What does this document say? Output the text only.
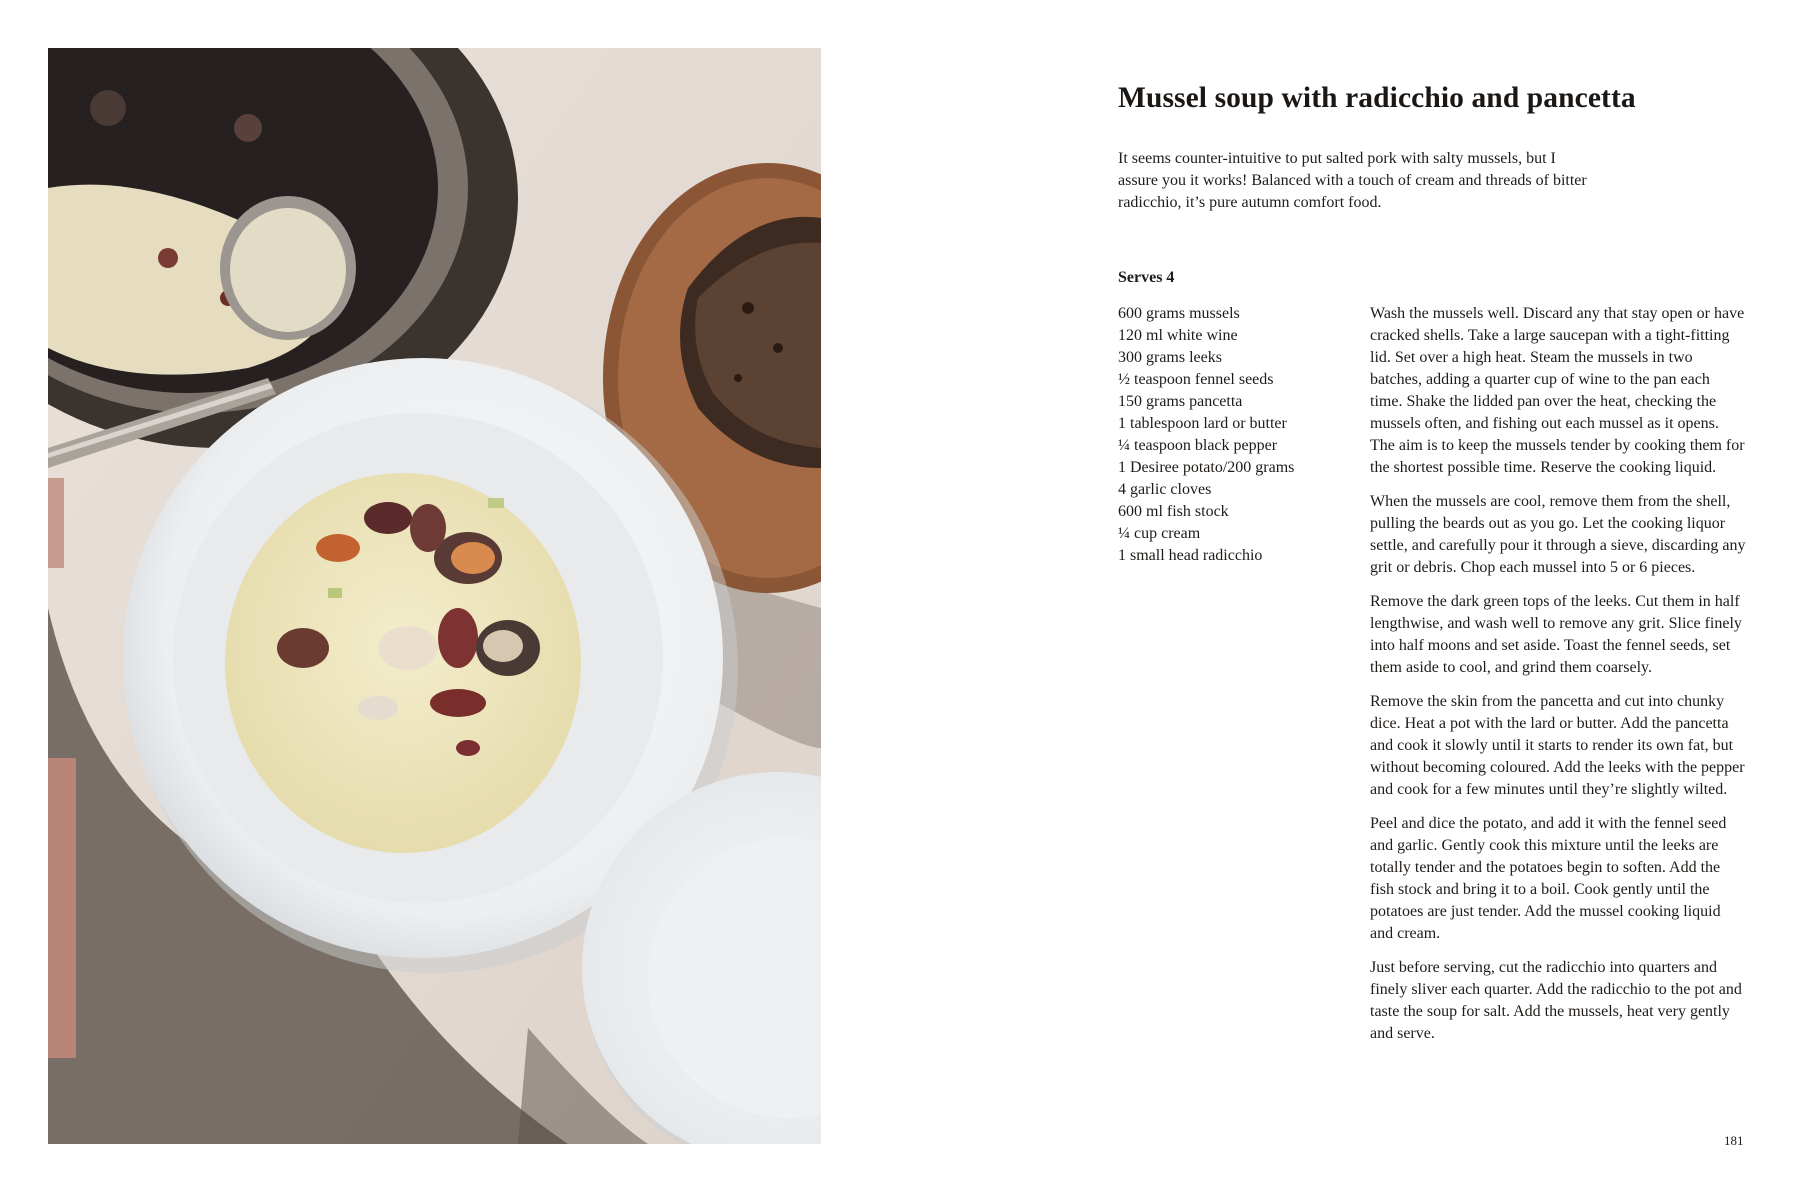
Mussel soup with radicchio and pancetta

It seems counter-intuitive to put salted pork with salty mussels, but I assure you it works! Balanced with a touch of cream and threads of bitter radicchio, it’s pure autumn comfort food.

Serves 4

600 grams mussels
120 ml white wine
300 grams leeks
½ teaspoon fennel seeds
150 grams pancetta
1 tablespoon lard or butter
¼ teaspoon black pepper
1 Desiree potato/200 grams
4 garlic cloves
600 ml fish stock
¼ cup cream
1 small head radicchio

Wash the mussels well. Discard any that stay open or have cracked shells. Take a large saucepan with a tight-fitting lid. Set over a high heat. Steam the mussels in two batches, adding a quarter cup of wine to the pan each time. Shake the lidded pan over the heat, checking the mussels often, and fishing out each mussel as it opens. The aim is to keep the mussels tender by cooking them for the shortest possible time. Reserve the cooking liquid.

When the mussels are cool, remove them from the shell, pulling the beards out as you go. Let the cooking liquor settle, and carefully pour it through a sieve, discarding any grit or debris. Chop each mussel into 5 or 6 pieces.

Remove the dark green tops of the leeks. Cut them in half lengthwise, and wash well to remove any grit. Slice finely into half moons and set aside. Toast the fennel seeds, set them aside to cool, and grind them coarsely.

Remove the skin from the pancetta and cut into chunky dice. Heat a pot with the lard or butter. Add the pancetta and cook it slowly until it starts to render its own fat, but without becoming coloured. Add the leeks with the pepper and cook for a few minutes until they’re slightly wilted.

Peel and dice the potato, and add it with the fennel seed and garlic. Gently cook this mixture until the leeks are totally tender and the potatoes begin to soften. Add the fish stock and bring it to a boil. Cook gently until the potatoes are just tender. Add the mussel cooking liquid and cream.

Just before serving, cut the radicchio into quarters and finely sliver each quarter. Add the radicchio to the pot and taste the soup for salt. Add the mussels, heat very gently and serve.

181
